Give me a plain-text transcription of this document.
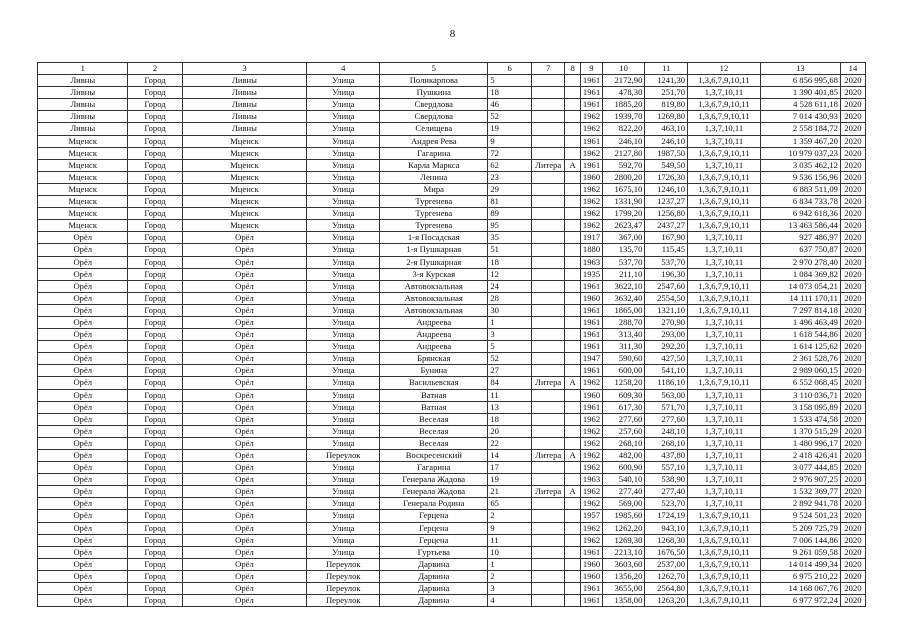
8
1	2	3	4	5	6	7	8	9	10	11	12	13	14
Ливны	Город	Ливны	Улица	Поликарпова	5			1961	2172,90	1241,30	1,3,6,7,9,10,11	6 856 995,68	2020
Ливны	Город	Ливны	Улица	Пушкина	18			1961	478,30	251,70	1,3,7,10,11	1 390 401,85	2020
Ливны	Город	Ливны	Улица	Свердлова	46			1961	1885,20	819,80	1,3,6,7,9,10,11	4 528 611,18	2020
Ливны	Город	Ливны	Улица	Свердлова	52			1962	1939,70	1269,80	1,3,6,7,9,10,11	7 014 430,93	2020
Ливны	Город	Ливны	Улица	Селищева	19			1962	822,20	463,10	1,3,7,10,11	2 558 184,72	2020
Мценск	Город	Мценск	Улица	Андрея Рева	9			1961	246,10	246,10	1,3,7,10,11	1 359 467,20	2020
Мценск	Город	Мценск	Улица	Гагарина	72			1962	2127,80	1987,50	1,3,6,7,9,10,11	10 979 037,23	2020
Мценск	Город	Мценск	Улица	Карла Маркса	62	Литера	А	1961	592,70	549,50	1,3,7,10,11	3 035 462,12	2020
Мценск	Город	Мценск	Улица	Ленина	23			1960	2800,20	1726,30	1,3,6,7,9,10,11	9 536 156,96	2020
Мценск	Город	Мценск	Улица	Мира	29			1962	1675,10	1246,10	1,3,6,7,9,10,11	6 883 511,09	2020
Мценск	Город	Мценск	Улица	Тургенева	81			1962	1331,90	1237,27	1,3,6,7,9,10,11	6 834 733,78	2020
Мценск	Город	Мценск	Улица	Тургенева	89			1962	1799,20	1256,80	1,3,6,7,9,10,11	6 942 618,36	2020
Мценск	Город	Мценск	Улица	Тургенева	95			1962	2623,47	2437,27	1,3,6,7,9,10,11	13 463 586,44	2020
Орёл	Город	Орёл	Улица	1-я Посадская	35			1917	367,00	167,90	1,3,7,10,11	927 486,97	2020
Орёл	Город	Орёл	Улица	1-я Пушкарная	51			1880	135,70	115,45	1,3,7,10,11	637 750,87	2020
Орёл	Город	Орёл	Улица	2-я Пушкарная	18			1963	537,70	537,70	1,3,7,10,11	2 970 278,40	2020
Орёл	Город	Орёл	Улица	3-я Курская	12			1935	211,10	196,30	1,3,7,10,11	1 084 369,82	2020
Орёл	Город	Орёл	Улица	Автовокзальная	24			1961	3622,10	2547,60	1,3,6,7,9,10,11	14 073 054,21	2020
Орёл	Город	Орёл	Улица	Автовокзальная	28			1960	3632,40	2554,50	1,3,6,7,9,10,11	14 111 170,11	2020
Орёл	Город	Орёл	Улица	Автовокзальная	30			1961	1865,00	1321,10	1,3,6,7,9,10,11	7 297 814,18	2020
Орёл	Город	Орёл	Улица	Андреева	1			1961	288,70	270,90	1,3,7,10,11	1 496 463,49	2020
Орёл	Город	Орёл	Улица	Андреева	3			1961	313,40	293,00	1,3,7,10,11	1 618 544,86	2020
Орёл	Город	Орёл	Улица	Андреева	5			1961	311,30	292,20	1,3,7,10,11	1 614 125,62	2020
Орёл	Город	Орёл	Улица	Брянская	52			1947	590,60	427,50	1,3,7,10,11	2 361 528,76	2020
Орёл	Город	Орёл	Улица	Бунина	27			1961	600,00	541,10	1,3,7,10,11	2 989 060,15	2020
Орёл	Город	Орёл	Улица	Васильевская	84	Литера	А	1962	1258,20	1186,10	1,3,6,7,9,10,11	6 552 068,45	2020
Орёл	Город	Орёл	Улица	Ватная	11			1960	609,30	563,00	1,3,7,10,11	3 110 036,71	2020
Орёл	Город	Орёл	Улица	Ватная	13			1961	617,30	571,70	1,3,7,10,11	3 158 095,89	2020
Орёл	Город	Орёл	Улица	Веселая	18			1962	277,60	277,60	1,3,7,10,11	1 533 474,58	2020
Орёл	Город	Орёл	Улица	Веселая	20			1962	257,60	248,10	1,3,7,10,11	1 370 515,29	2020
Орёл	Город	Орёл	Улица	Веселая	22			1962	268,10	268,10	1,3,7,10,11	1 480 996,17	2020
Орёл	Город	Орёл	Переулок	Воскресенский	14	Литера	А	1962	482,00	437,80	1,3,7,10,11	2 418 426,41	2020
Орёл	Город	Орёл	Улица	Гагарина	17			1962	600,90	557,10	1,3,7,10,11	3 077 444,85	2020
Орёл	Город	Орёл	Улица	Генерала Жадова	19			1963	540,10	538,90	1,3,7,10,11	2 976 907,25	2020
Орёл	Город	Орёл	Улица	Генерала Жадова	21	Литера	А	1962	277,40	277,40	1,3,7,10,11	1 532 369,77	2020
Орёл	Город	Орёл	Улица	Генерала Родина	65			1962	569,00	523,70	1,3,7,10,11	2 892 941,78	2020
Орёл	Город	Орёл	Улица	Герцена	2			1957	1985,60	1724,19	1,3,6,7,9,10,11	9 524 501,23	2020
Орёл	Город	Орёл	Улица	Герцена	9			1962	1262,20	943,10	1,3,6,7,9,10,11	5 209 725,79	2020
Орёл	Город	Орёл	Улица	Герцена	11			1962	1269,30	1268,30	1,3,6,7,9,10,11	7 006 144,86	2020
Орёл	Город	Орёл	Улица	Гуртьева	10			1961	2213,10	1676,50	1,3,6,7,9,10,11	9 261 059,58	2020
Орёл	Город	Орёл	Переулок	Дарвина	1			1960	3603,60	2537,00	1,3,6,7,9,10,11	14 014 499,34	2020
Орёл	Город	Орёл	Переулок	Дарвина	2			1960	1356,20	1262,70	1,3,6,7,9,10,11	6 975 210,22	2020
Орёл	Город	Орёл	Переулок	Дарвина	3			1961	3655,00	2564,80	1,3,6,7,9,10,11	14 168 067,76	2020
Орёл	Город	Орёл	Переулок	Дарвина	4			1961	1358,00	1263,20	1,3,6,7,9,10,11	6 977 972,24	2020
